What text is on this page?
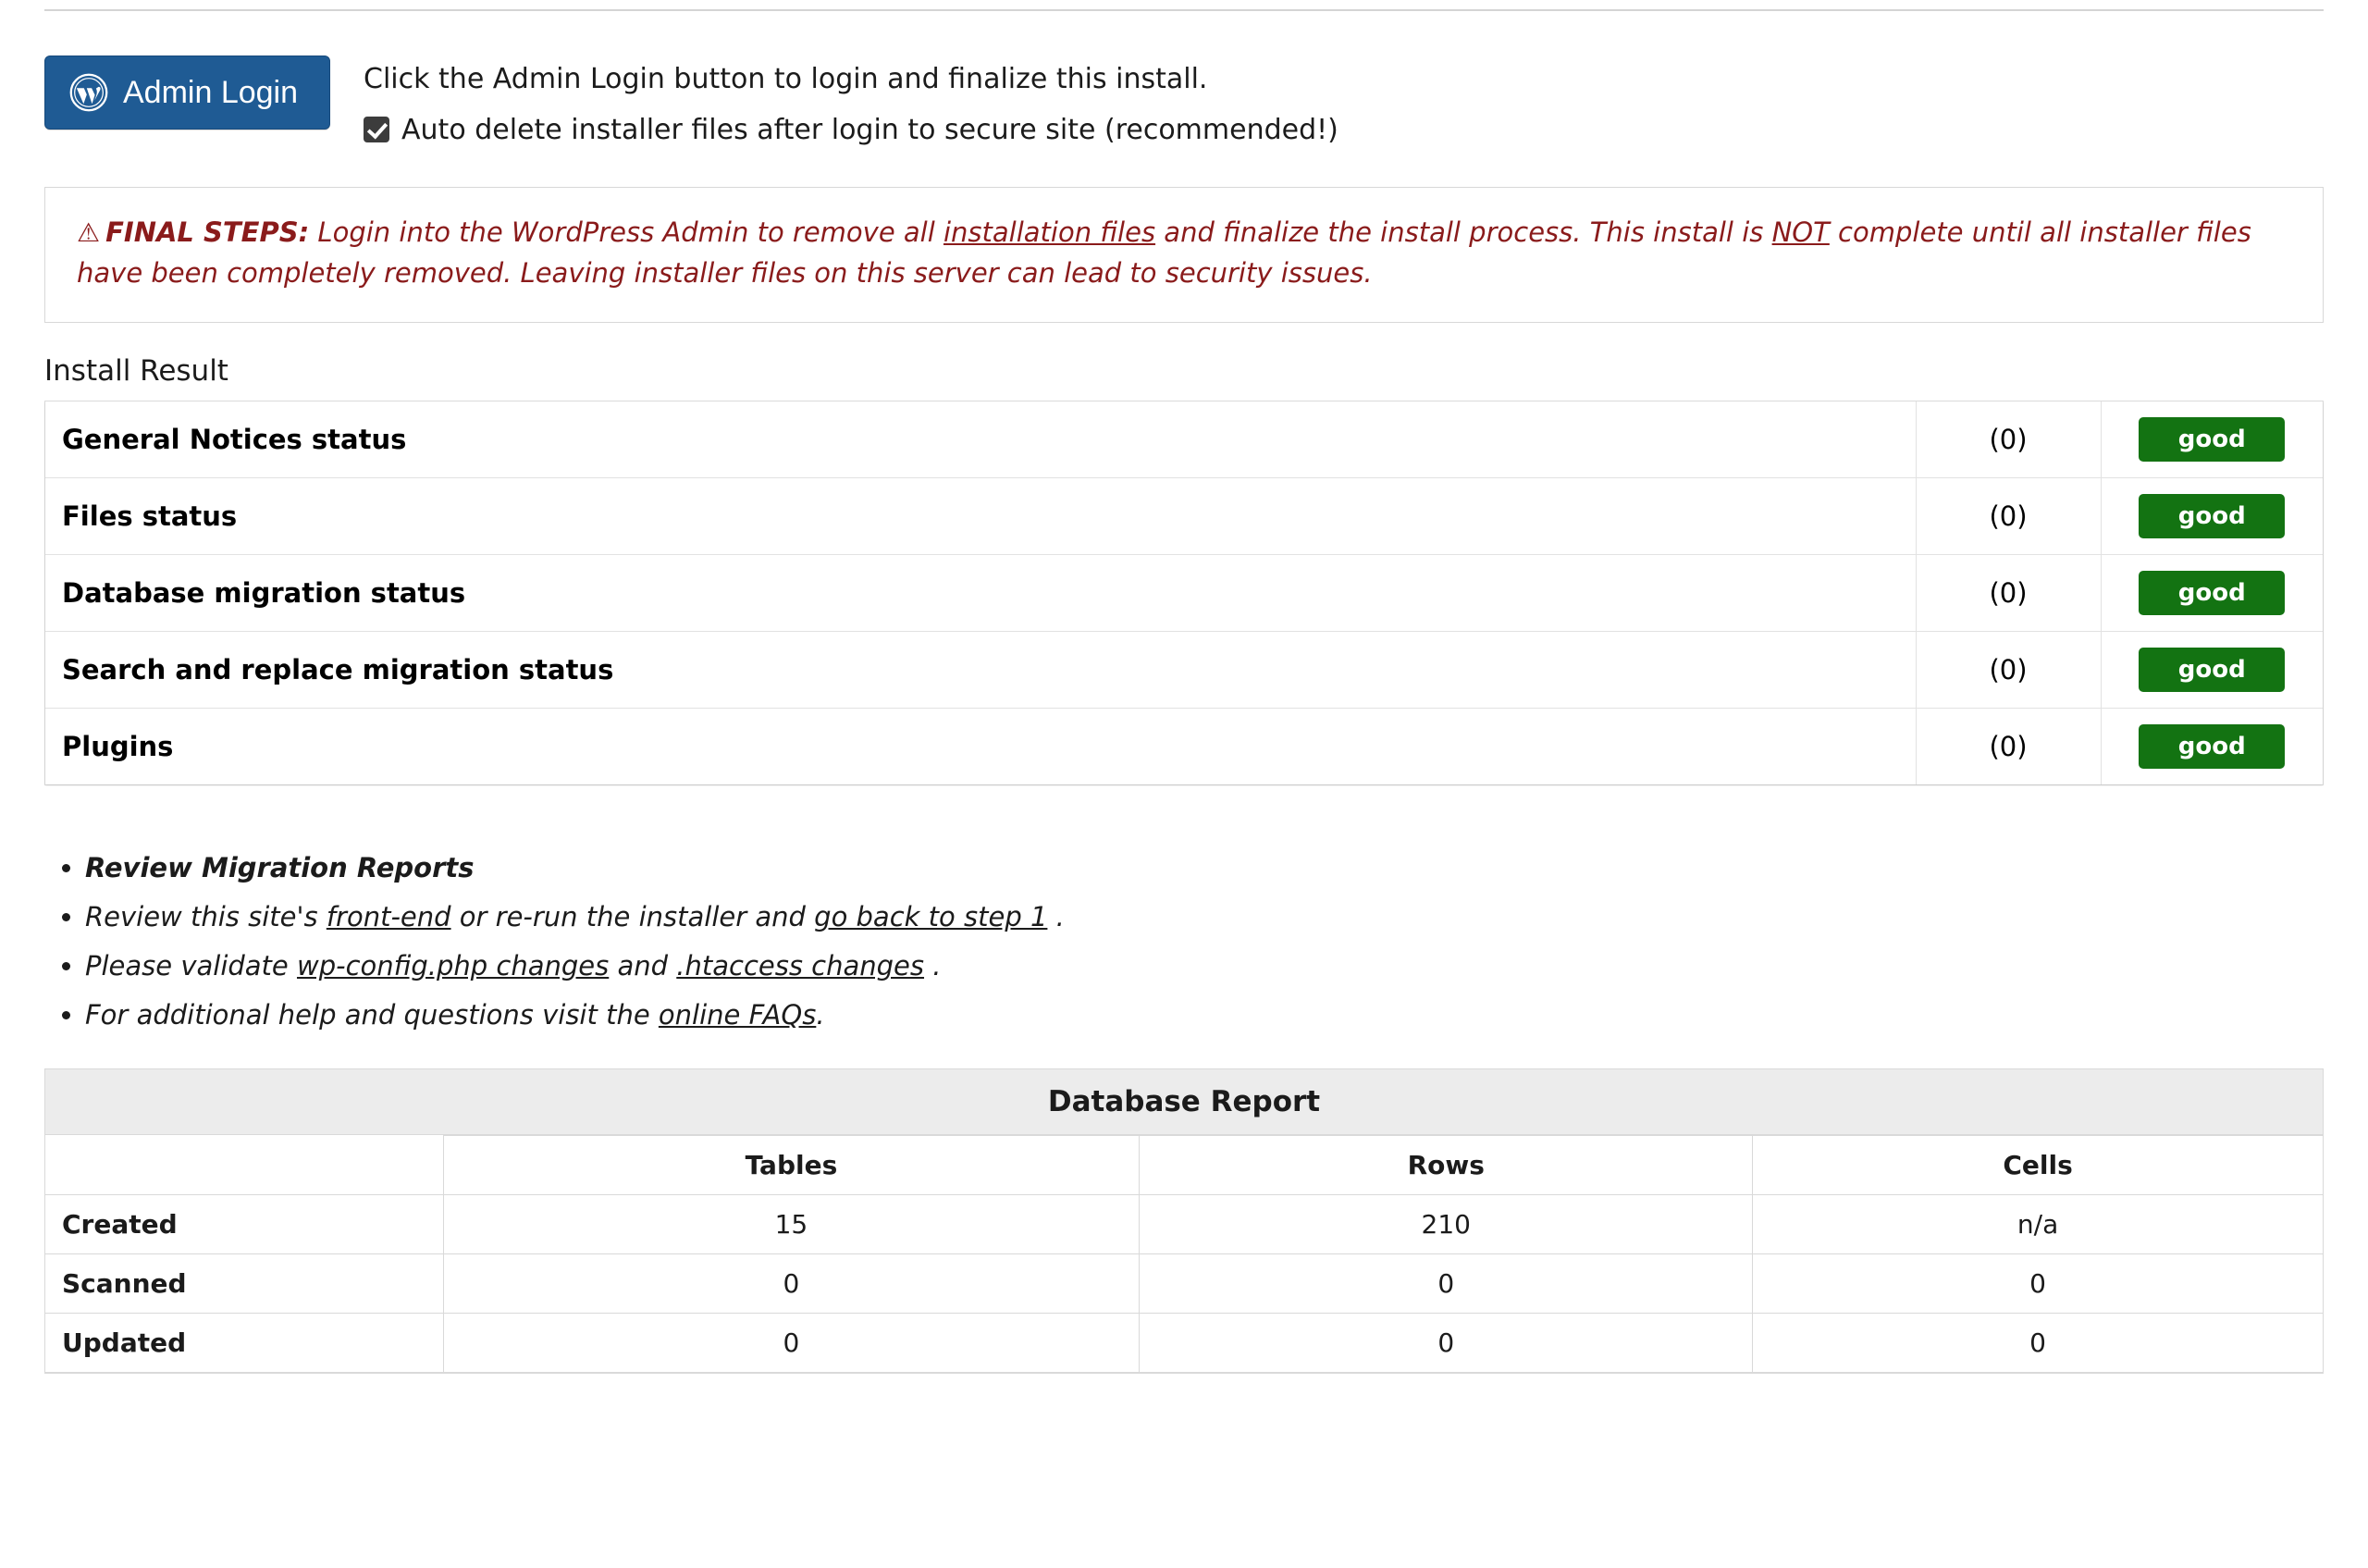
Admin Login Click the Admin Login button to login and finalize this install.
Auto delete installer files after login to secure site (recommended!)
⚠ FINAL STEPS: Login into the WordPress Admin to remove all installation files and finalize the install process. This install is NOT complete until all installer files have been completely removed. Leaving installer files on this server can lead to security issues.
Install Result
General Notices status	(0)	good
Files status	(0)	good
Database migration status	(0)	good
Search and replace migration status	(0)	good
Plugins	(0)	good
• Review Migration Reports
• Review this site's front-end or re-run the installer and go back to step 1 .
• Please validate wp-config.php changes and .htaccess changes .
• For additional help and questions visit the online FAQs.
Database Report
	Tables	Rows	Cells
Created	15	210	n/a
Scanned	0	0	0
Updated	0	0	0
